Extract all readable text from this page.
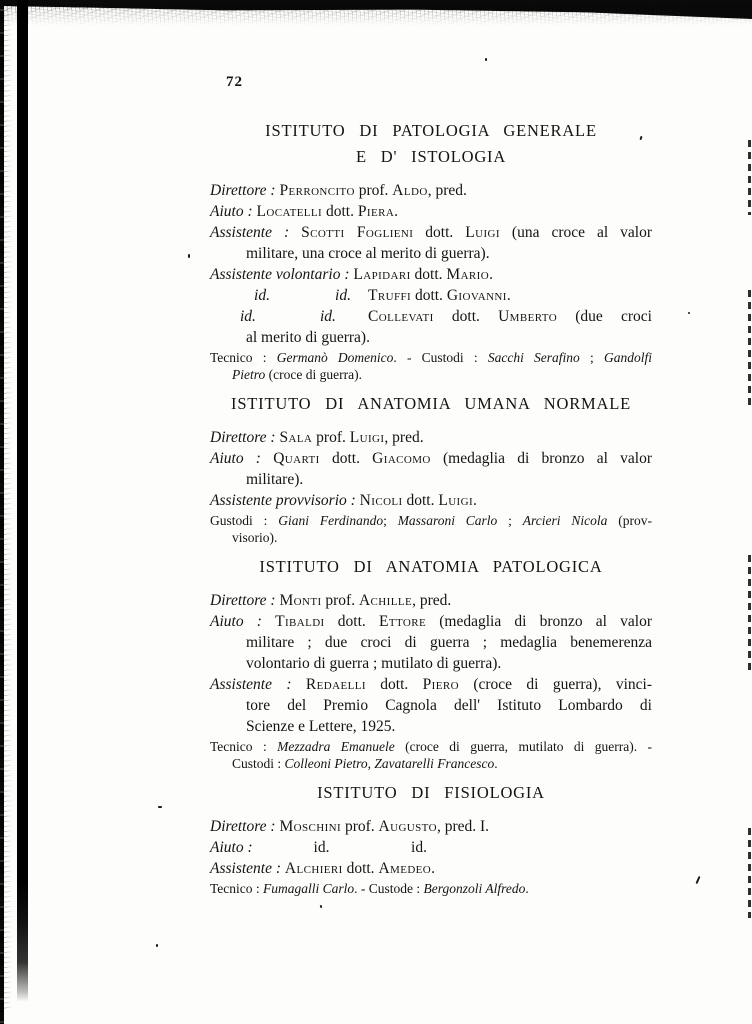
72
ISTITUTO DI PATOLOGIA GENERALE
E D' ISTOLOGIA
Direttore : Perroncito prof. Aldo, pred.
Aiuto : Locatelli dott. Piera.
Assistente : Scotti Foglieni dott. Luigi (una croce al valor
militare, una croce al merito di guerra).
Assistente volontario : Lapidari dott. Mario.
id.	id. Truffi dott. Giovanni.
id.	id. Collevati dott. Umberto (due croci
al merito di guerra).
Tecnico : Germanò Domenico. - Custodi : Sacchi Serafino ; Gandolfi
Pietro (croce di guerra).
ISTITUTO DI ANATOMIA UMANA NORMALE
Direttore : Sala prof. Luigi, pred.
Aiuto : Quarti dott. Giacomo (medaglia di bronzo al valor
militare).
Assistente provvisorio : Nicoli dott. Luigi.
Gustodi : Giani Ferdinando; Massaroni Carlo ; Arcieri Nicola (prov-
visorio).
ISTITUTO DI ANATOMIA PATOLOGICA
Direttore : Monti prof. Achille, pred.
Aiuto : Tibaldi dott. Ettore (medaglia di bronzo al valor
militare ; due croci di guerra ; medaglia benemerenza
volontario di guerra ; mutilato di guerra).
Assistente : Redaelli dott. Piero (croce di guerra), vinci-
tore del Premio Cagnola dell' Istituto Lombardo di
Scienze e Lettere, 1925.
Tecnico : Mezzadra Emanuele (croce di guerra, mutilato di guerra). -
Custodi : Colleoni Pietro, Zavatarelli Francesco.
ISTITUTO DI FISIOLOGIA
Direttore : Moschini prof. Augusto, pred. I.
Aiuto :	id.	id.
Assistente : Alchieri dott. Amedeo.
Tecnico : Fumagalli Carlo. - Custode : Bergonzoli Alfredo.
